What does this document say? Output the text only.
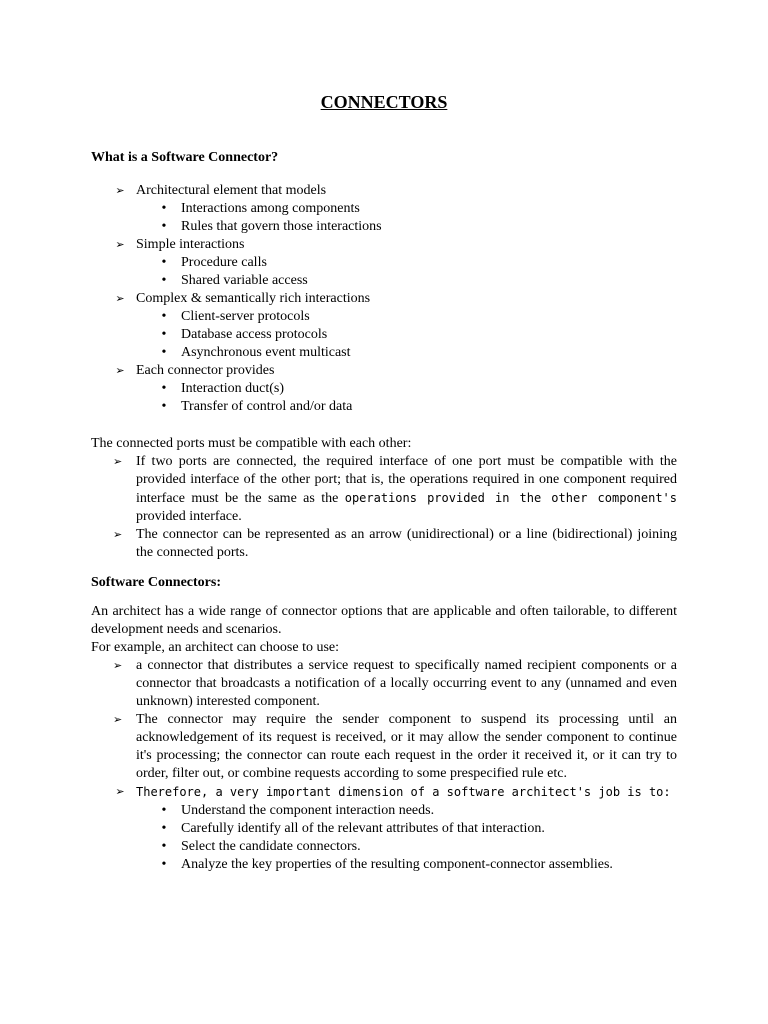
CONNECTORS
What is a Software Connector?
➢ Architectural element that models
• Interactions among components
• Rules that govern those interactions
➢ Simple interactions
• Procedure calls
• Shared variable access
➢ Complex & semantically rich interactions
• Client-server protocols
• Database access protocols
• Asynchronous event multicast
➢ Each connector provides
• Interaction duct(s)
• Transfer of control and/or data
The connected ports must be compatible with each other:
➢ If two ports are connected, the required interface of one port must be compatible with the provided interface of the other port; that is, the operations required in one component required interface must be the same as the operations provided in the other component's provided interface.
➢ The connector can be represented as an arrow (unidirectional) or a line (bidirectional) joining the connected ports.
Software Connectors:

An architect has a wide range of connector options that are applicable and often tailorable, to different development needs and scenarios.

For example, an architect can choose to use:

➢ a connector that distributes a service request to specifically named recipient components or a connector that broadcasts a notification of a locally occurring event to any (unnamed and even unknown) interested component.
➢ The connector may require the sender component to suspend its processing until an acknowledgement of its request is received, or it may allow the sender component to continue it's processing; the connector can route each request in the order it received it, or it can try to order, filter out, or combine requests according to some prespecified rule etc.
➢ Therefore, a very important dimension of a software architect's job is to:
• Understand the component interaction needs.
• Carefully identify all of the relevant attributes of that interaction.
• Select the candidate connectors.
• Analyze the key properties of the resulting component-connector assemblies.
